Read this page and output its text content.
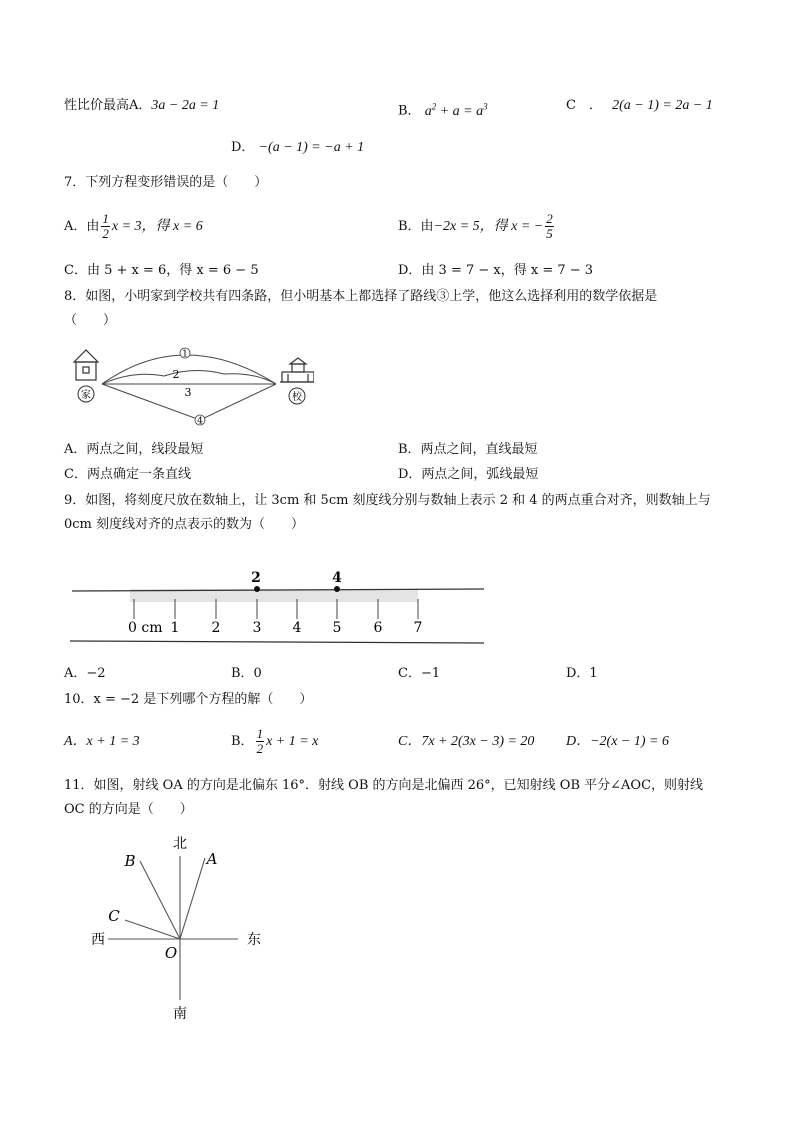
性比价最高A．3a − 2a = 1	B． $a^2 + a = a^3$	C　． 2(a − 1) = 2a − 1
D． −(a − 1) = −a + 1
7．下列方程变形错误的是（　　）
A．由 $\frac{1}{2}$ x = 3，得 x = 6	B．由−2x = 5，得 x = − $\frac{2}{5}$
C．由 5 + x = 6，得 x = 6 − 5	D．由 3 = 7 − x，得 x = 7 − 3
8．如图，小明家到学校共有四条路，但小明基本上都选择了路线③上学，他这么选择利用的数学依据是
（　　）
家	校
1
2
3
4
A．两点之间，线段最短	B．两点之间，直线最短
C．两点确定一条直线	D．两点之间，弧线最短
9．如图，将刻度尺放在数轴上，让 3cm 和 5cm 刻度线分别与数轴上表示 2 和 4 的两点重合对齐，则数轴上与
0cm 刻度线对齐的点表示的数为（　　）
2	4
0 cm 1 2 3 4 5 6 7
A．−2	B．0	C．−1	D．1
10．x = −2 是下列哪个方程的解（　　）
A．x + 1 = 3	B． $\frac{1}{2}$ x + 1 = x	C．7x + 2(3x − 3) = 20 D．−2(x − 1) = 6
11．如图，射线 OA 的方向是北偏东 16°．射线 OB 的方向是北偏西 26°，已知射线 OB 平分∠AOC，则射线
OC 的方向是（　　）
北
南
东
西
A
B
C
O
